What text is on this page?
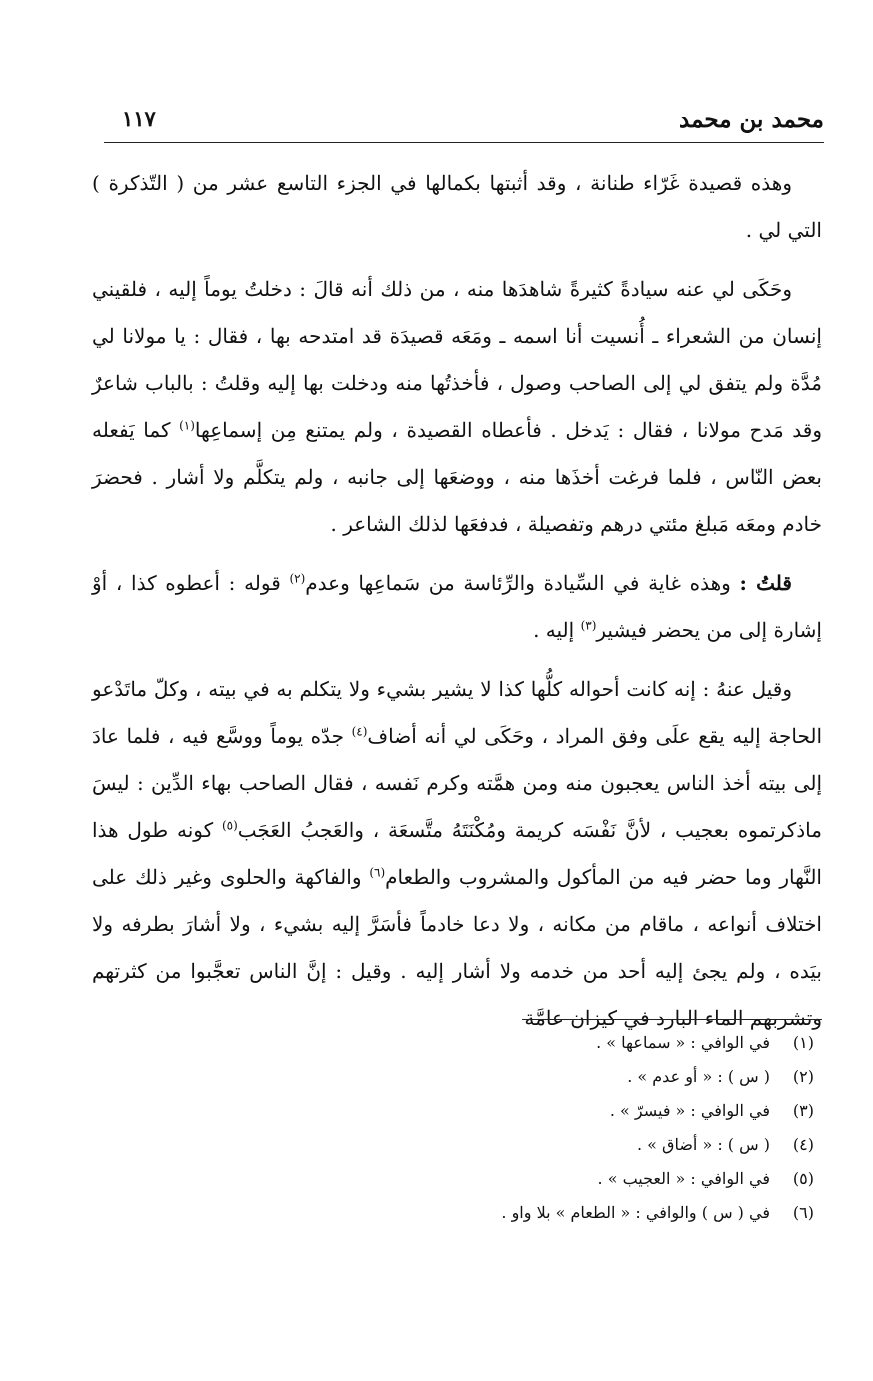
محمد بن محمد
١١٧

وهذه قصيدة غَرّاء طنانة ، وقد أثبتها بكمالها في الجزء التاسع عشر من ( التّذكرة ) التي لي .

وحَكَى لي عنه سيادةً كثيرةً شاهدَها منه ، من ذلك أنه قالَ : دخلتُ يوماً إليه ، فلقيني إنسان من الشعراء ـ أُنسيت أنا اسمه ـ ومَعَه قصيدَة قد امتدحه بها ، فقال : يا مولانا لي مُدَّة ولم يتفق لي إلى الصاحب وصول ، فأخذتُها منه ودخلت بها إليه وقلتُ : بالباب شاعرٌ وقد مَدح مولانا ، فقال : يَدخل . فأعطاه القصيدة ، ولم يمتنع مِن إسماعِها$^{(١)}$ كما يَفعله بعض النّاس ، فلما فرغت أخذَها منه ، ووضعَها إلى جانبه ، ولم يتكلَّم ولا أشار . فحضرَ خادم ومعَه مَبلغ مئتي درهم وتفصيلة ، فدفعَها لذلك الشاعر .

قلتُ : وهذه غاية في السِّيادة والرِّئاسة من سَماعِها وعدم$^{(٢)}$ قوله : أعطوه كذا ، أوْ إشارة إلى من يحضر فيشير$^{(٣)}$ إليه .

وقيل عنهُ : إنه كانت أحواله كلُّها كذا لا يشير بشيء ولا يتكلم به في بيته ، وكلّ ماتَدْعو الحاجة إليه يقع علَى وفق المراد ، وحَكَى لي أنه أضاف$^{(٤)}$ جدّه يوماً ووسَّع فيه ، فلما عادَ إلى بيته أخذ الناس يعجبون منه ومن همَّته وكرم نَفسه ، فقال الصاحب بهاء الدِّين : ليسَ ماذكرتموه بعجيب ، لأنَّ نَفْسَه كريمة ومُكْنَتَهُ متَّسعَة ، والعَجبُ العَجَب$^{(٥)}$ كونه طول هذا النَّهار وما حضر فيه من المأكول والمشروب والطعام$^{(٦)}$ والفاكهة والحلوى وغير ذلك على اختلاف أنواعه ، ماقام من مكانه ، ولا دعا خادماً فأسَرَّ إليه بشيء ، ولا أشارَ بطرفه ولا بيَده ، ولم يجئ إليه أحد من خدمه ولا أشار إليه . وقيل : إنَّ الناس تعجَّبوا من كثرتهم وتشربهم الماء البارد في كيزان عامَّة

(١)في الوافي : « سماعها » .
(٢)( س ) : « أو عدم » .
(٣)في الوافي : « فيسرّ » .
(٤)( س ) : « أضاق » .
(٥)في الوافي : « العجيب » .
(٦)في ( س ) والوافي : « الطعام » بلا واو .
